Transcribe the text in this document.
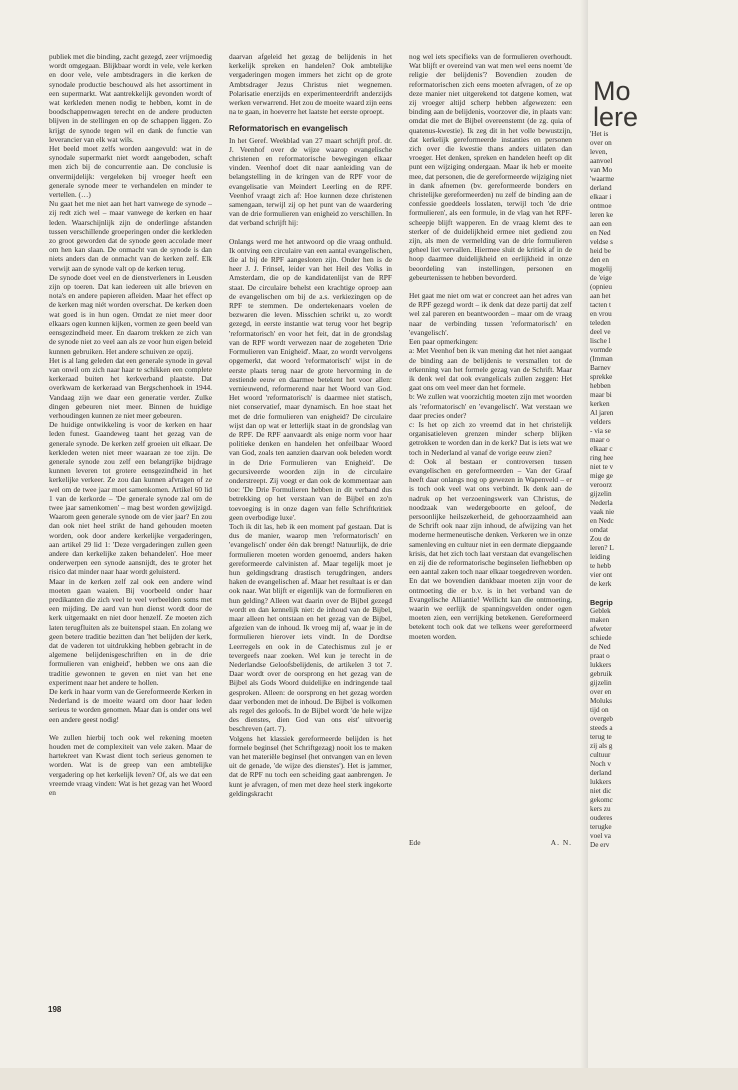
publiek met die binding, zacht gezegd, zeer vrijmoedig wordt omgegaan. Blijkbaar wordt in vele, vele kerken en door vele, vele ambtsdragers in die kerken de synodale productie beschouwd als het assortiment in een supermarkt. Wat aantrekkelijk gevonden wordt of wat kerkleden menen nodig te hebben, komt in de boodschappenwagen terecht en de andere producten blijven in de stellingen en op de schappen liggen. Zo krijgt de synode tegen wil en dank de functie van leverancier van elk wat wils.

Het beeld moet zelfs worden aangevuld: wat in de synodale supermarkt niet wordt aangeboden, schaft men zich bij de concurrentie aan. De conclusie is onvermijdelijk: vergeleken bij vroeger heeft een generale synode meer te verhandelen en minder te vertellen. (…)

Nu gaat het me niet aan het hart vanwege de synode – zij redt zich wel – maar vanwege de kerken en haar leden. Waarschijnlijk zijn de onderlinge afstanden tussen verschillende groeperingen onder die kerkleden zo groot geworden dat de synode geen accolade meer om hen kan slaan. De onmacht van de synode is dan niets anders dan de onmacht van de kerken zelf. Elk verwijt aan de synode valt op de kerken terug.

De synode doet veel en de dienstverleners in Leusden zijn op toeren. Dat kan iedereen uit alle brieven en nota's en andere papieren afleiden. Maar het effect op de kerken mag niét worden overschat. De kerken doen wat goed is in hun ogen. Omdat ze niet meer door elkaars ogen kunnen kijken, vormen ze geen beeld van eensgezindheid meer. En daarom trekken ze zich van de synode niet zo veel aan als ze voor hun eigen beleid kunnen gebruiken. Het andere schuiven ze opzij.

Het is al lang geleden dat een generale synode in geval van onwil om zich naar haar te schikken een complete kerkeraad buiten het kerkverband plaatste. Dat overkwam de kerkeraad van Bergschenhoek in 1944. Vandaag zijn we daar een generatie verder. Zulke dingen gebeuren niet meer. Binnen de huidige verhoudingen kunnen ze niet meer gebeuren.

De huidige ontwikkeling is voor de kerken en haar leden funest. Gaandeweg taant het gezag van de generale synode. De kerken zelf groeien uit elkaar. De kerkleden weten niet meer waaraan ze toe zijn. De generale synode zou zelf een belangrijke bijdrage kunnen leveren tot grotere eensgezindheid in het kerkelijke verkeer. Ze zou dan kunnen afvragen of ze wel om de twee jaar moet samenkomen. Artikel 60 lid 1 van de kerkorde – 'De generale synode zal om de twee jaar samenkomen' – mag best worden gewijzigd. Waarom geen generale synode om de vier jaar? En zou dan ook niet heel strikt de hand gehouden moeten worden, ook door andere kerkelijke vergaderingen, aan artikel 29 lid 1: 'Deze vergaderingen zullen geen andere dan kerkelijke zaken behandelen'. Hoe meer onderwerpen een synode aansnijdt, des te groter het risico dat minder naar haar wordt geluisterd.

Maar in de kerken zelf zal ook een andere wind moeten gaan waaien. Bij voorbeeld onder haar predikanten die zich veel te veel verbeelden soms met een mijding. De aard van hun dienst wordt door de kerk uitgemaakt en niet door henzelf. Ze moeten zich laten terugfluiten als ze buitenspel staan. En zolang we geen betere traditie bezitten dan 'het belijden der kerk, dat de vaderen tot uitdrukking hebben gebracht in de algemene belijdenisgeschriften en in de drie formulieren van enigheid', hebben we ons aan die traditie gewonnen te geven en niet van het ene experiment naar het andere te hollen.

De kerk in haar vorm van de Gereformeerde Kerken in Nederland is de moeite waard om door haar leden serieus te worden genomen. Maar dan is onder ons wel een andere geest nodig!

We zullen hierbij toch ook wel rekening moeten houden met de complexiteit van vele zaken. Maar de hartekreet van Kwast dient toch serieus genomen te worden. Wat is de greep van een ambtelijke vergadering op het kerkelijk leven? Of, als we dat een vreemde vraag vinden: Wat is het gezag van het Woord en

daarvan afgeleid het gezag de belijdenis in het kerkelijk spreken en handelen? Ook ambtelijke vergaderingen mogen immers het zicht op de grote Ambtsdrager Jezus Christus niet wegnemen. Polarisatie enerzijds en experimenteerdrift anderzijds werken verwarrend. Het zou de moeite waard zijn eens na te gaan, in hoeverre het laatste het eerste oproept.

Reformatorisch en evangelisch

In het Geref. Weekblad van 27 maart schrijft prof. dr. J. Veenhof over de wijze waarop evangelische christenen en reformatorische bewegingen elkaar vinden. Veenhof doet dit naar aanleiding van de belangstelling in de kringen van de RPF voor de evangelisatie van Meindert Leerling en de RPF. Veenhof vraagt zich af: Hoe kunnen deze christenen samengaan, terwijl zij op het punt van de waardering van de drie formulieren van enigheid zo verschillen. In dat verband schrijft hij:

Onlangs werd me het antwoord op die vraag onthuld. Ik ontving een circulaire van een aantal evangelischen, die al bij de RPF aangesloten zijn. Onder hen is de heer J. J. Frinsel, leider van het Heil des Volks in Amsterdam, die op de kandidatenlijst van de RPF staat. De circulaire behelst een krachtige oproep aan de evangelischen om bij de a.s. verkiezingen op de RPF te stemmen. De ondertekenaars voelen de bezwaren die leven. Misschien schrikt u, zo wordt gezegd, in eerste instantie wat terug voor het begrip 'reformatorisch' en voor het feit, dat in de grondslag van de RPF wordt verwezen naar de zogeheten 'Drie Formulieren van Enigheid'. Maar, zo wordt vervolgens opgemerkt, dat woord 'reformatorisch' wijst in de eerste plaats terug naar de grote hervorming in de zestiende eeuw en daarmee betekent het voor allen: vernieuwend, reformerend naar het Woord van God. Het woord 'reformatorisch' is daarmee niet statisch, niet conservatief, maar dynamisch. En hoe staat het met de drie formulieren van enigheid? De circulaire wijst dan op wat er letterlijk staat in de grondslag van de RPF. De RPF aanvaardt als enige norm voor haar politieke denken en handelen het onfeilbaar Woord van God, zoals ten aanzien daarvan ook beleden wordt in de Drie Formulieren van Enigheid'. De gecursiveerde woorden zijn in de circulaire onderstreept. Zij voegt er dan ook de kommentaar aan toe: 'De Drie Formulieren hebben in dit verband dus betrekking op het verstaan van de Bijbel en zo'n toevoeging is in onze dagen van felle Schriftkritiek geen overbodige luxe'.

Toch ik dit las, heb ik een moment paf gestaan. Dat is dus de manier, waarop men 'reformatorisch' en 'evangelisch' onder één dak brengt! Natuurlijk, de drie formulieren moeten worden genoemd, anders haken gereformeerde calvinisten af. Maar tegelijk moet je hun geldingsdrang drastisch terugdringen, anders haken de evangelischen af. Maar het resultaat is er dan ook naar. Wat blijft er eigenlijk van de formulieren en hun gelding? Alleen wat daarin over de Bijbel gezegd wordt en dan kennelijk niet: de inhoud van de Bijbel, maar alleen het ontstaan en het gezag van de Bijbel, afgezien van de inhoud. Ik vroeg mij af, waar je in de formulieren hierover iets vindt. In de Dordtse Leerregels en ook in de Catechismus zul je er tevergeefs naar zoeken. Wel kun je terecht in de Nederlandse Geloofsbelijdenis, de artikelen 3 tot 7. Daar wordt over de oorsprong en het gezag van de Bijbel als Gods Woord duidelijke en indringende taal gesproken. Alleen: de oorsprong en het gezag worden daar verbonden met de inhoud. De Bijbel is volkomen als regel des geloofs. In de Bijbel wordt 'de hele wijze des dienstes, dien God van ons eist' uitvoerig beschreven (art. 7).

Volgens het klassiek gereformeerde belijden is het formele beginsel (het Schriftgezag) nooit los te maken van het materiële beginsel (het ontvangen van en leven uit de genade, 'de wijze des dienstes'). Het is jammer, dat de RPF nu toch een scheiding gaat aanbrengen. Je kunt je afvragen, of men met deze heel sterk ingekorte geldingskracht

nog wel iets specifieks van de formulieren overhoudt. Wat blijft er overeind van wat men wel eens noemt 'de religie der belijdenis'? Bovendien zouden de reformatorischen zich eens moeten afvragen, of ze op deze manier niet uitgerekend tot datgene komen, wat zij vroeger altijd scherp hebben afgewezen: een binding aan de belijdenis, voorzover die, in plaats van: omdat die met de Bijbel overeenstemt (de zg. quia of quatenus-kwestie). Ik zeg dit in het volle bewustzijn, dat kerkelijk gereformeerde instanties en personen zich over die kwestie thans anders uitlaten dan vroeger. Het denken, spreken en handelen heeft op dit punt een wijziging ondergaan. Maar ik heb er moeite mee, dat personen, die de gereformeerde wijziging niet in dank afnemen (bv. gereformeerde bonders en christelijke gereformeerden) nu zelf de binding aan de confessie goeddeels losslaten, terwijl toch 'de drie formulieren', als een formule, in de vlag van het RPF-scheepje blijft wapperen. En de vraag klemt des te sterker of de duidelijkheid ermee niet gediend zou zijn, als men de vermelding van de drie formulieren geheel liet vervallen. Hiermee sluit de kritiek af in de hoop daarmee duidelijkheid en eerlijkheid in onze beoordeling van instellingen, personen en gebeurtenissen te hebben bevorderd.

Het gaat me niet om wat er concreet aan het adres van de RPF gezegd wordt – ik denk dat deze partij dat zelf wel zal pareren en beantwoorden – maar om de vraag naar de verbinding tussen 'reformatorisch' en 'evangelisch'.

Een paar opmerkingen:

a: Met Veenhof ben ik van mening dat het niet aangaat de binding aan de belijdenis te versmallen tot de erkenning van het formele gezag van de Schrift. Maar ik denk wel dat ook evangelicals zullen zeggen: Het gaat ons om veel meer dan het formele.

b: We zullen wat voorzichtig moeten zijn met woorden als 'reformatorisch' en 'evangelisch'. Wat verstaan we daar precies onder?

c: Is het op zich zo vreemd dat in het christelijk organisatieleven grenzen minder scherp blijken getrokken te worden dan in de kerk? Dat is iets wat we toch in Nederland al vanaf de vorige eeuw zien?

d: Ook al bestaan er controversen tussen evangelischen en gereformeerden – Van der Graaf heeft daar onlangs nog op gewezen in Wapenveld – er is toch ook veel wat ons verbindt. Ik denk aan de nadruk op het verzoeningswerk van Christus, de noodzaak van wedergeboorte en geloof, de persoonlijke heilszekerheid, de gehoorzaamheid aan de Schrift ook naar zijn inhoud, de afwijzing van het moderne hermeneutische denken. Verkeren we in onze samenleving en cultuur niet in een dermate diepgaande krisis, dat het zich toch laat verstaan dat evangelischen en zij die de reformatorische beginselen liefhebben op een aantal zaken toch naar elkaar toegedreven worden. En dat we bovendien dankbaar moeten zijn voor de ontmoeting die er b.v. is in het verband van de Evangelische Alliantie! Wellicht kan die ontmoeting, waarin we eerlijk de spanningsvelden onder ogen moeten zien, een verrijking betekenen. Gereformeerd betekent toch ook dat we telkens weer gereformeerd moeten worden.

Ede	A. N.
Mo
lere

'Het is

over on

leven,

aanvoel

van Mo

'waarme

derland

elkaar i

ontmoe

leren ke

aan een

en Ned

veldse s

heid be

den en

mogelij

de 'eige

(opnieu

aan het

tacten t

en vrou

teleden

deel ve

lische l

vormde

(Imman

Barnev

sprekke

hebben

maar bi

kerken

Al jaren

velders

- via se

maar o

elkaar c

ring hee

niet te v

mige ge

veroorz

gijzelin

Nederla

vaak nie

en Nedc

omdat

Zou de

leren? L

leiding

te hebb

vier ont

de kerk

Begrip

Geblek

maken

afweter

schiede

de Ned

praat o

lukkers

gebruik

gijzelin

over en

Moluks

tijd on

overgeb

steeds a

terug te

zij als g

cultuur

Noch v

derland

lukkers

niet dic

gekomc

kers zu

ouderes

terugke

voel va

De erv

198
